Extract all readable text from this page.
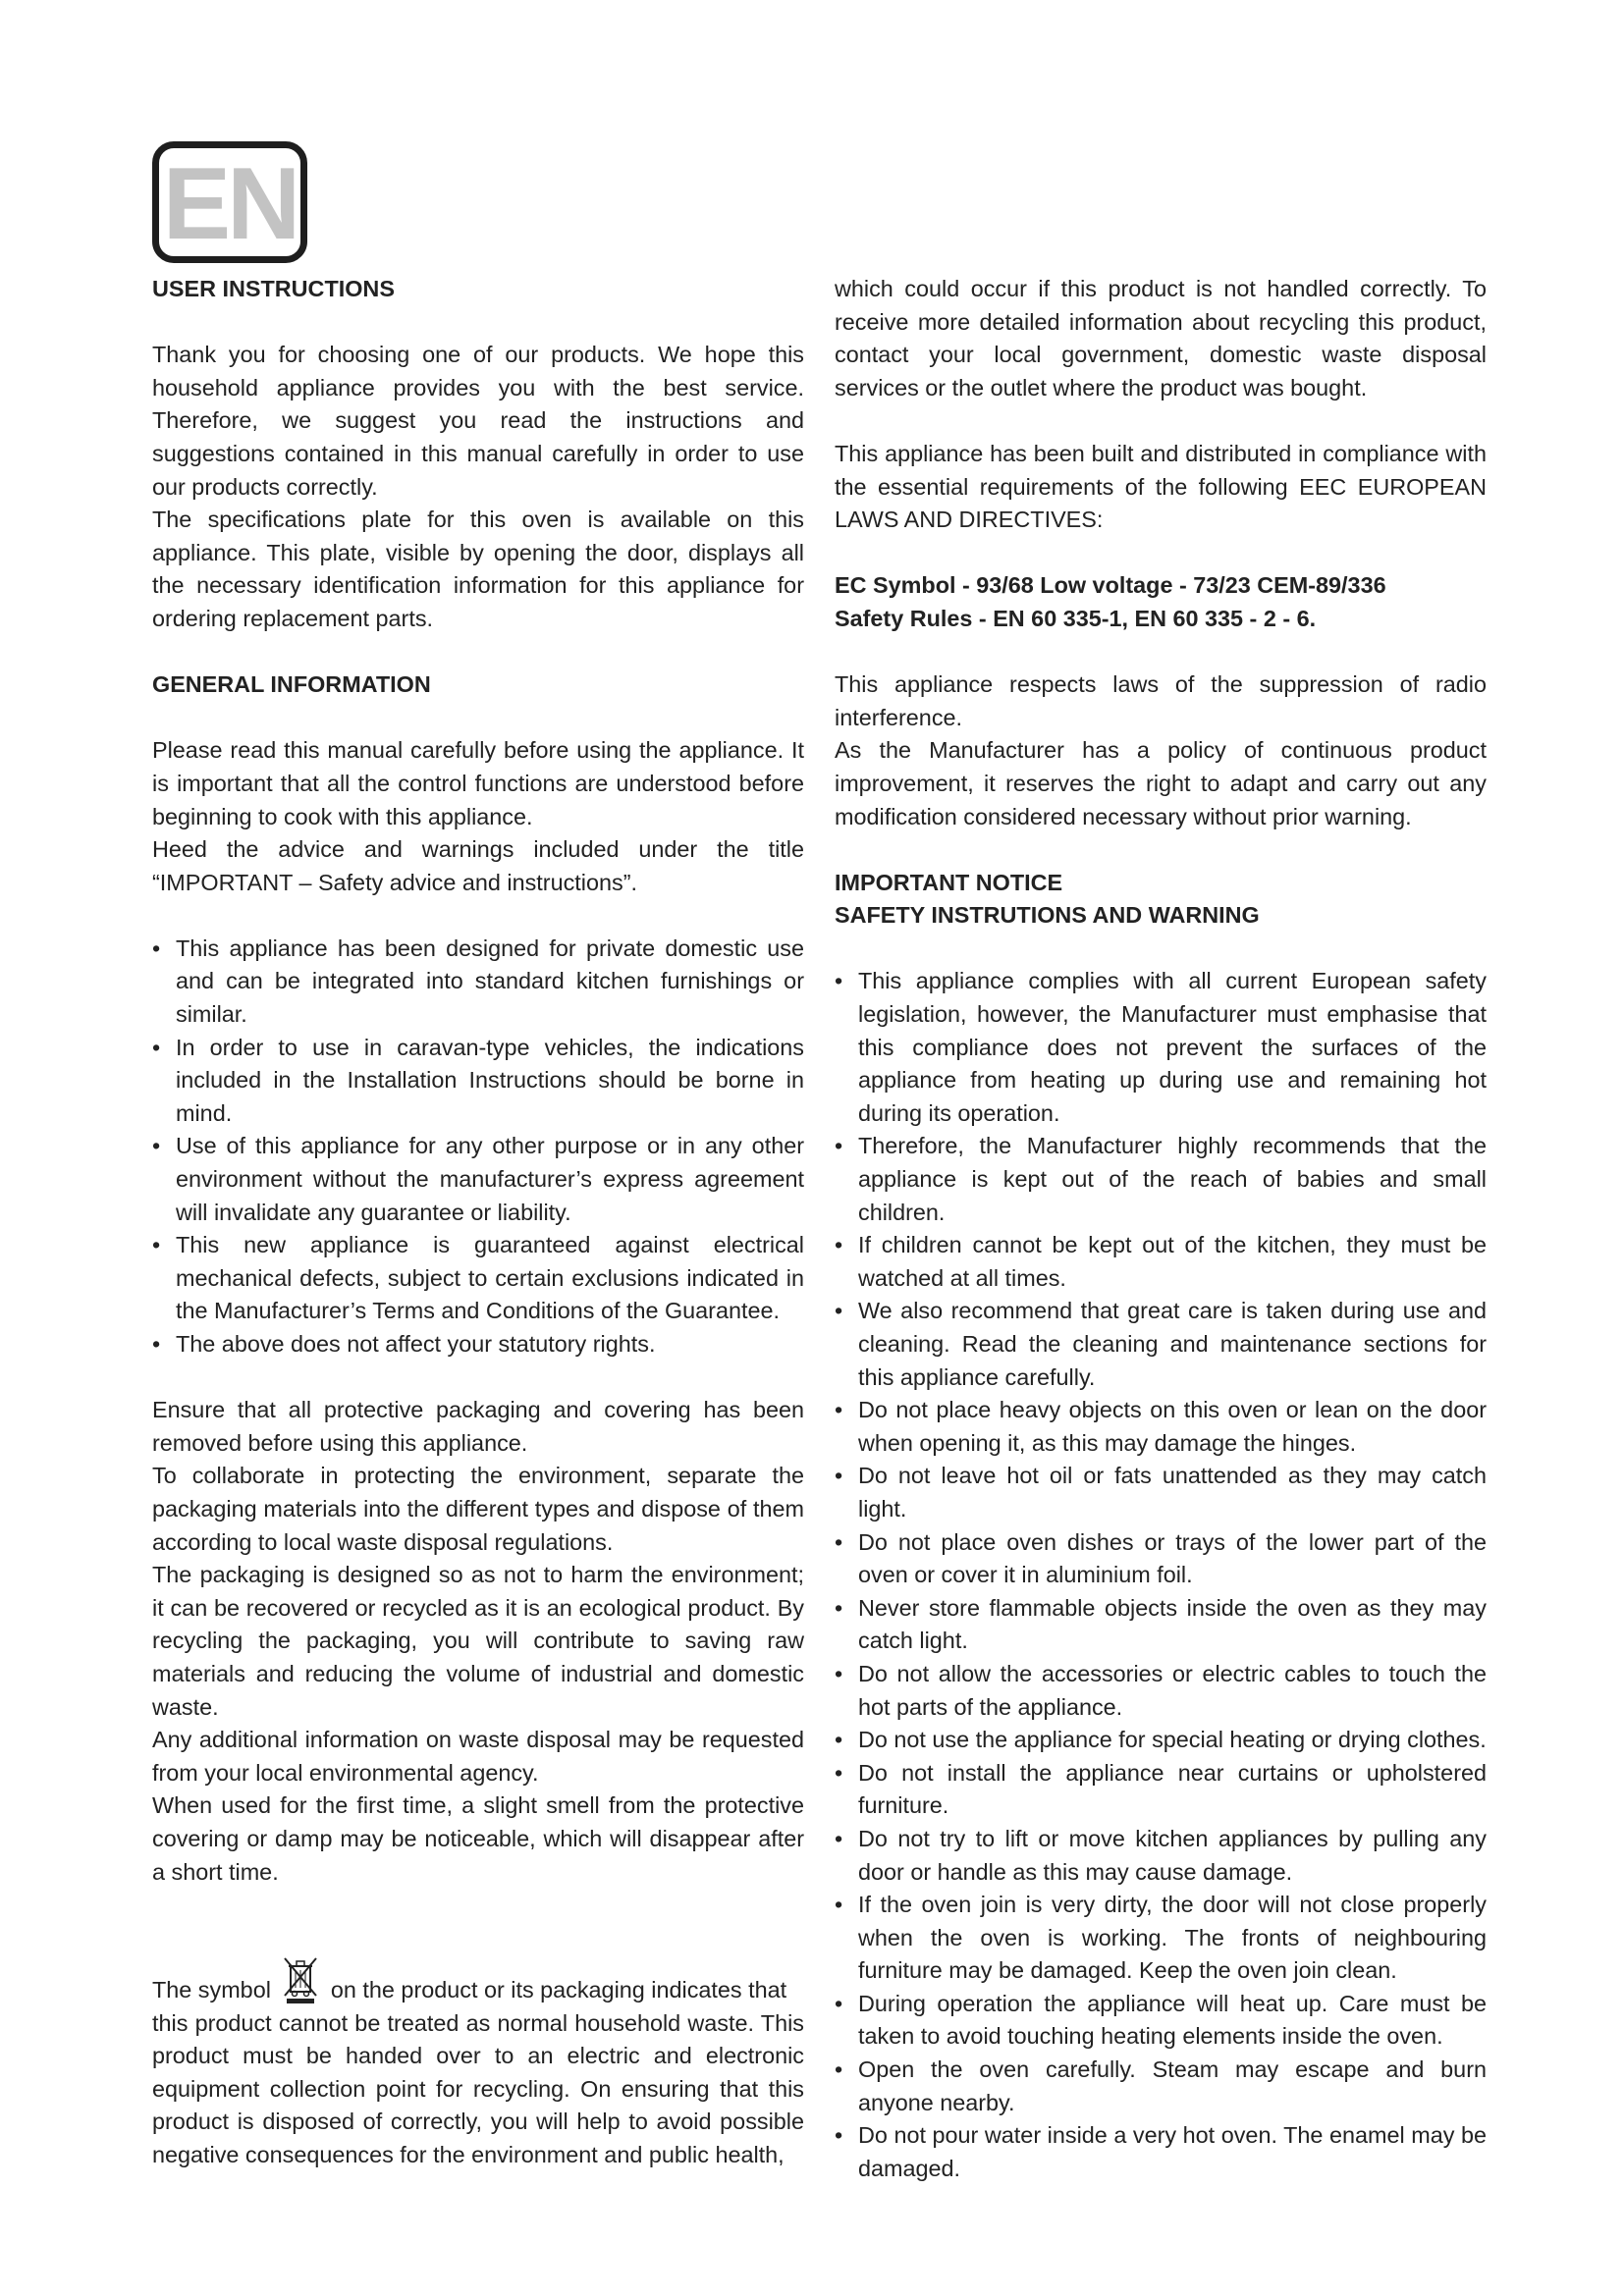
EN

USER INSTRUCTIONS

Thank you for choosing one of our products. We hope this household appliance provides you with the best service. Therefore, we suggest you read the instructions and suggestions contained in this manual carefully in order to use our products correctly.

The specifications plate for this oven is available on this appliance. This plate, visible by opening the door, displays all the necessary identification information for this appliance for ordering replacement parts.

GENERAL INFORMATION

Please read this manual carefully before using the appliance. It is important that all the control functions are understood before beginning to cook with this appliance.

Heed the advice and warnings included under the title “IMPORTANT – Safety advice and instructions”.

• This appliance has been designed for private domestic use and can be integrated into standard kitchen furnishings or similar.
• In order to use in caravan-type vehicles, the indications included in the Installation Instructions should be borne in mind.
• Use of this appliance for any other purpose or in any other environment without the manufacturer’s express agreement will invalidate any guarantee or liability.
• This new appliance is guaranteed against electrical mechanical defects, subject to certain exclusions indicated in the Manufacturer’s Terms and Conditions of the Guarantee.
• The above does not affect your statutory rights.

Ensure that all protective packaging and covering has been removed before using this appliance.

To collaborate in protecting the environment, separate the packaging materials into the different types and dispose of them according to local waste disposal regulations.

The packaging is designed so as not to harm the environment; it can be recovered or recycled as it is an ecological product. By recycling the packaging, you will contribute to saving raw materials and reducing the volume of industrial and domestic waste.

Any additional information on waste disposal may be requested from your local environmental agency.

When used for the first time, a slight smell from the protective covering or damp may be noticeable, which will disappear after a short time.

The symbol	on the product or its packaging indicates that

this product cannot be treated as normal household waste. This product must be handed over to an electric and electronic equipment collection point for recycling. On ensuring that this product is disposed of correctly, you will help to avoid possible negative consequences for the environment and public health,

which could occur if this product is not handled correctly. To receive more detailed information about recycling this product, contact your local government, domestic waste disposal services or the outlet where the product was bought.

This appliance has been built and distributed in compliance with the essential requirements of the following EEC EUROPEAN LAWS AND DIRECTIVES:

EC Symbol - 93/68 Low voltage - 73/23 CEM-89/336

Safety Rules - EN 60 335-1, EN 60 335 - 2 - 6.

This appliance respects laws of the suppression of radio interference.

As the Manufacturer has a policy of continuous product improvement, it reserves the right to adapt and carry out any modification considered necessary without prior warning.

IMPORTANT NOTICE

SAFETY INSTRUTIONS AND WARNING

• This appliance complies with all current European safety legislation, however, the Manufacturer must emphasise that this compliance does not prevent the surfaces of the appliance from heating up during use and remaining hot during its operation.
• Therefore, the Manufacturer highly recommends that the appliance is kept out of the reach of babies and small children.
• If children cannot be kept out of the kitchen, they must be watched at all times.
• We also recommend that great care is taken during use and cleaning. Read the cleaning and maintenance sections for this appliance carefully.
• Do not place heavy objects on this oven or lean on the door when opening it, as this may damage the hinges.
• Do not leave hot oil or fats unattended as they may catch light.
• Do not place oven dishes or trays of the lower part of the oven or cover it in aluminium foil.
• Never store flammable objects inside the oven as they may catch light.
• Do not allow the accessories or electric cables to touch the hot parts of the appliance.
• Do not use the appliance for special heating or drying clothes.
• Do not install the appliance near curtains or upholstered furniture.
• Do not try to lift or move kitchen appliances by pulling any door or handle as this may cause damage.
• If the oven join is very dirty, the door will not close properly when the oven is working. The fronts of neighbouring furniture may be damaged. Keep the oven join clean.
• During operation the appliance will heat up. Care must be taken to avoid touching heating elements inside the oven.
• Open the oven carefully. Steam may escape and burn anyone nearby.
• Do not pour water inside a very hot oven. The enamel may be damaged.
